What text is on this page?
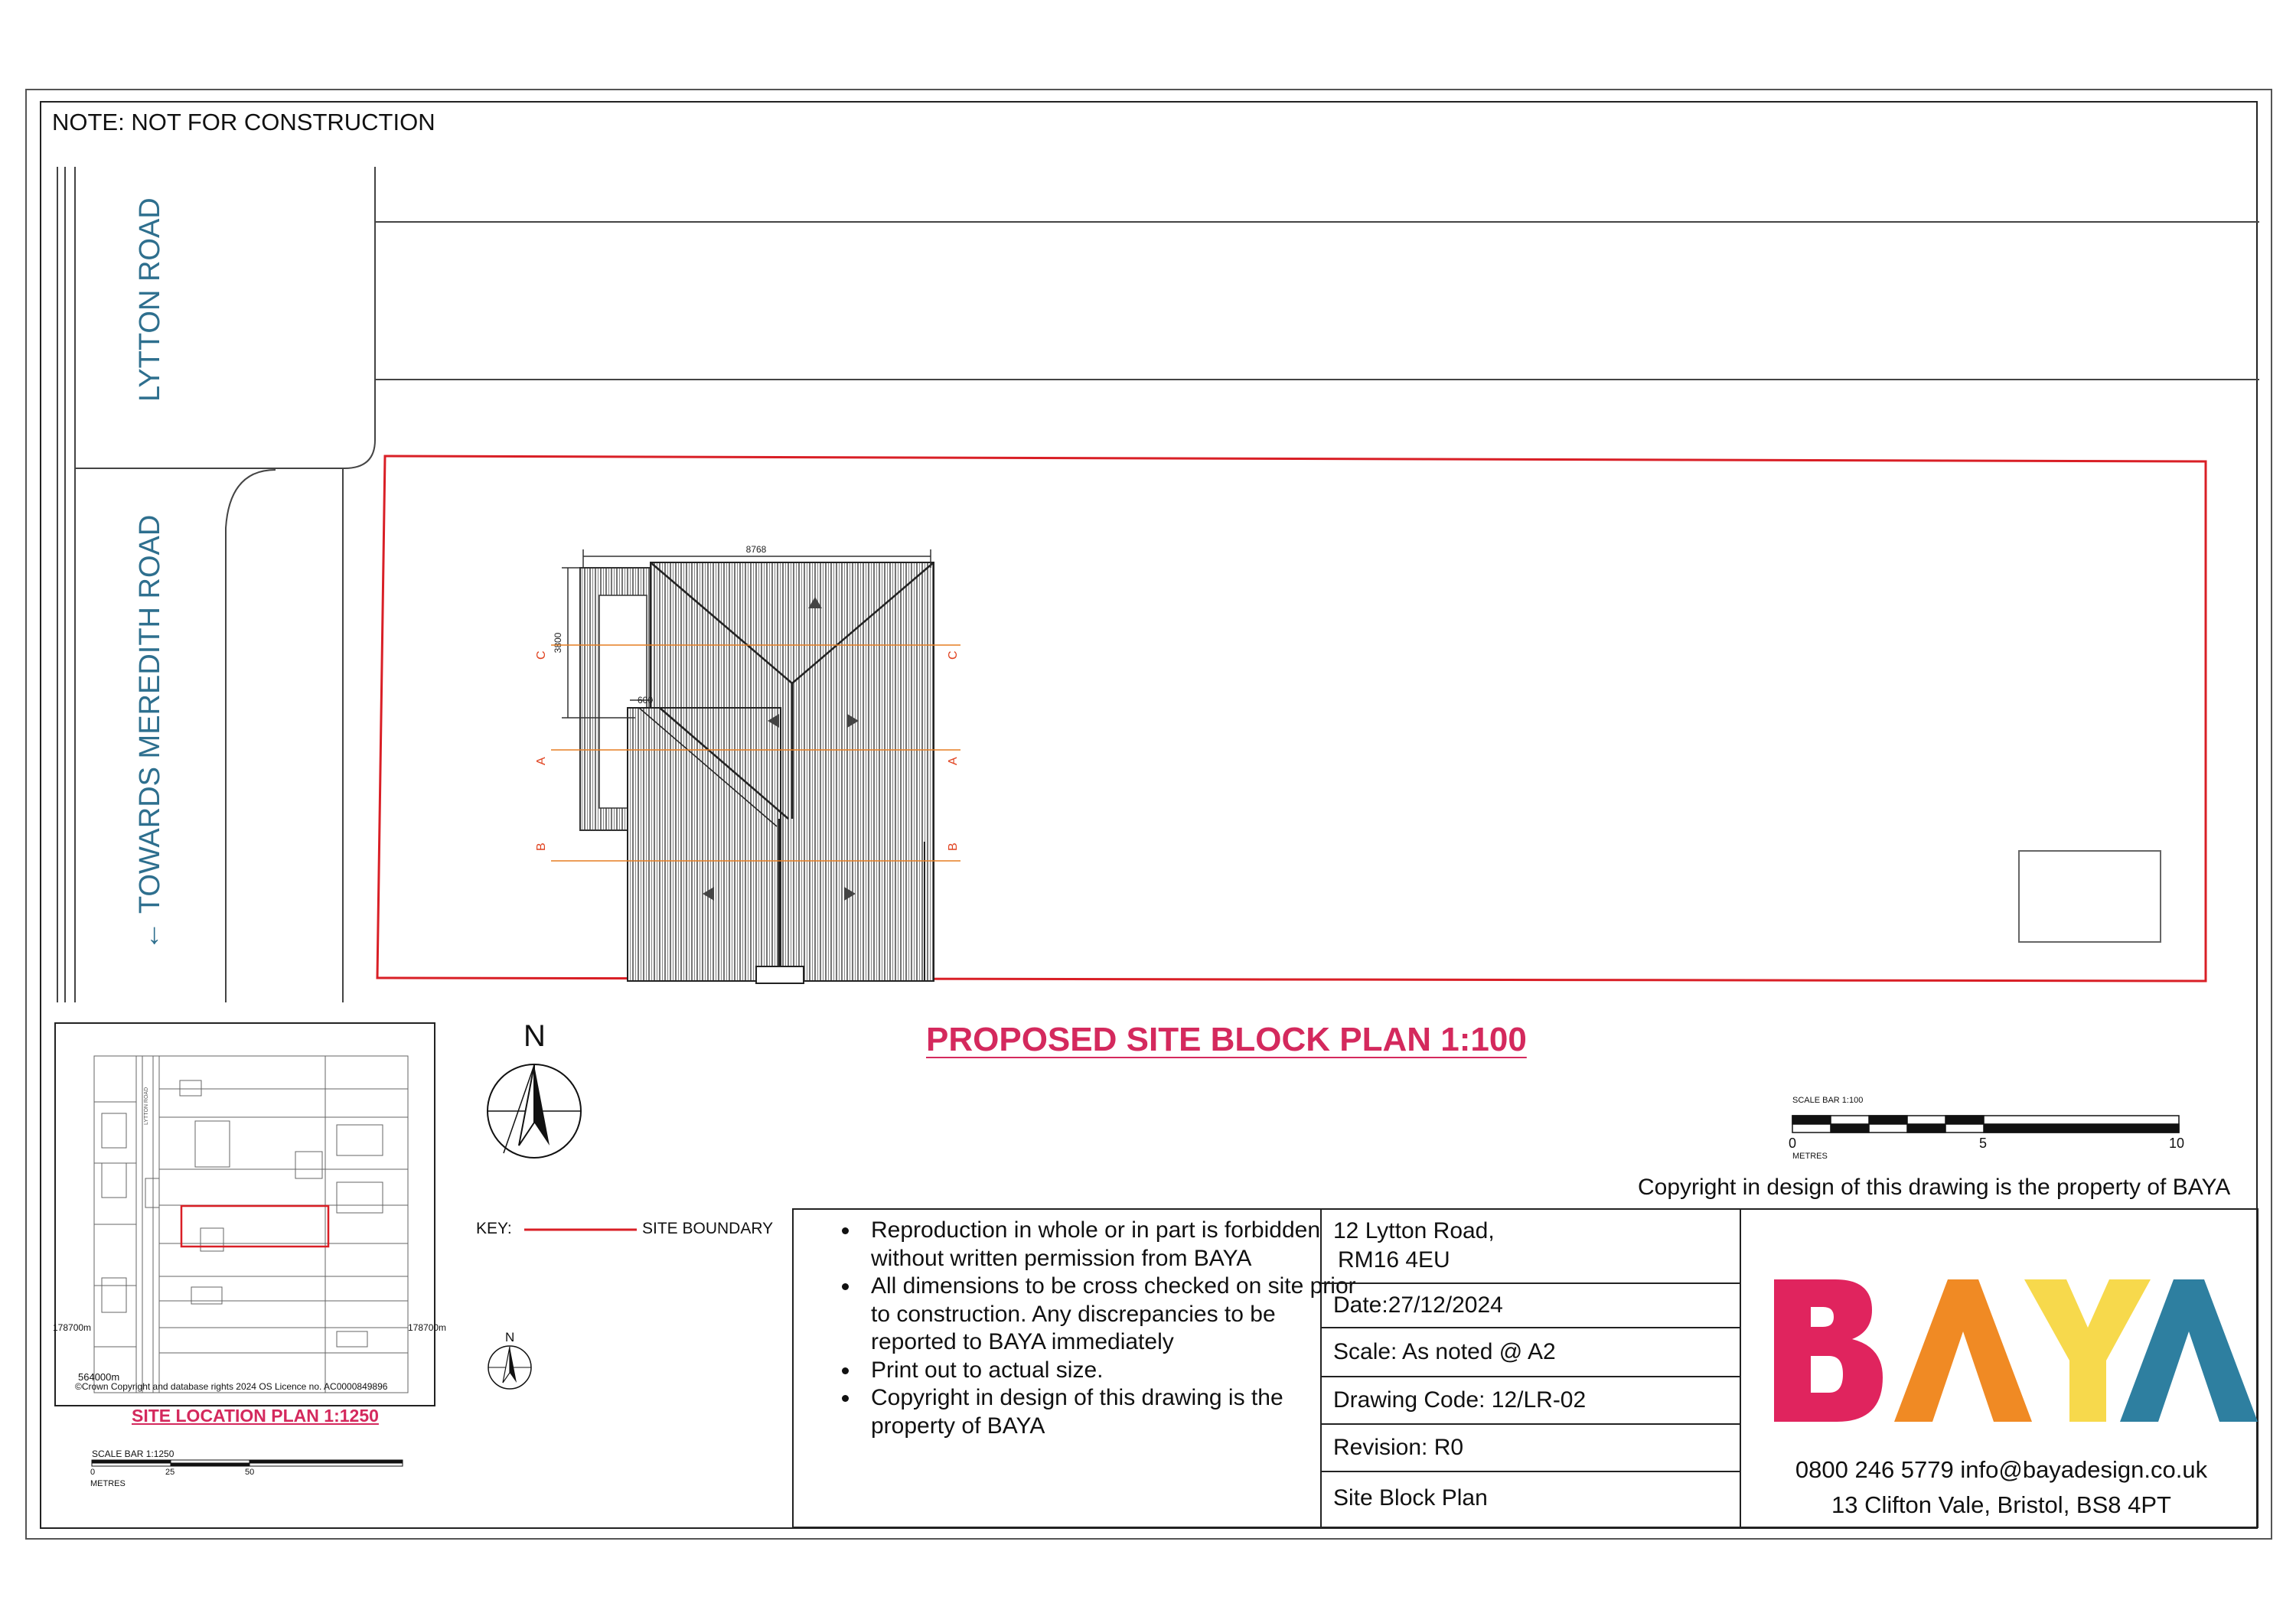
NOTE: NOT FOR CONSTRUCTION
8768
3800
600
C	C
A	A
B	B
LYTTON ROAD
LYTTON ROAD
← TOWARDS MEREDITH ROAD
PROPOSED SITE BLOCK PLAN 1:100
N
N
SCALE BAR 1:100
0	5	10
METRES
Copyright in design of this drawing is the property of BAYA
KEY:	SITE BOUNDARY
178700m	178700m
564000m
©Crown Copyright and database rights 2024 OS Licence no. AC0000849896
SITE LOCATION PLAN 1:1250
SCALE BAR 1:1250
0	25	50
METRES
• Reproduction in whole or in part is forbidden without written permission from BAYA
• All dimensions to be cross checked on site prior to construction. Any discrepancies to be reported to BAYA immediately
• Print out to actual size.
• Copyright in design of this drawing is the property of BAYA
12 Lytton Road,
RM16 4EU
Date:27/12/2024
Scale: As noted @ A2
Drawing Code: 12/LR-02
Revision: R0
Site Block Plan
0800 246 5779 info@bayadesign.co.uk
13 Clifton Vale, Bristol, BS8 4PT
